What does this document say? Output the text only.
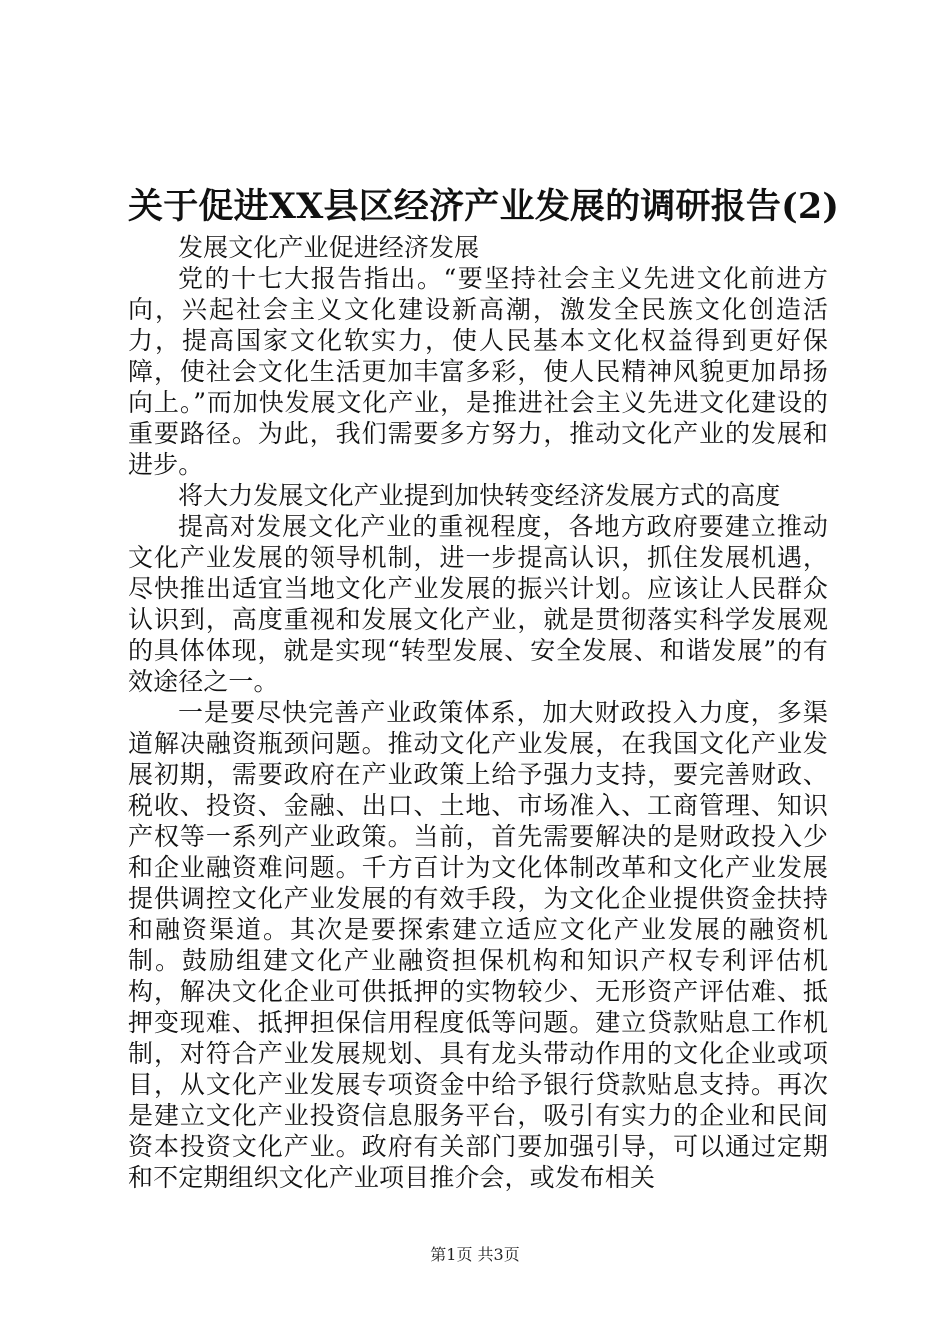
关于促进XX县区经济产业发展的调研报告(2)

发展文化产业促进经济发展

党的十七大报告指出。“要坚持社会主义先进文化前进方向，兴起社会主义文化建设新高潮，激发全民族文化创造活力，提高国家文化软实力，使人民基本文化权益得到更好保障，使社会文化生活更加丰富多彩，使人民精神风貌更加昂扬向上。”而加快发展文化产业，是推进社会主义先进文化建设的重要路径。为此，我们需要多方努力，推动文化产业的发展和进步。

将大力发展文化产业提到加快转变经济发展方式的高度

提高对发展文化产业的重视程度，各地方政府要建立推动文化产业发展的领导机制，进一步提高认识，抓住发展机遇，尽快推出适宜当地文化产业发展的振兴计划。应该让人民群众认识到，高度重视和发展文化产业，就是贯彻落实科学发展观的具体体现，就是实现“转型发展、安全发展、和谐发展”的有效途径之一。

一是要尽快完善产业政策体系，加大财政投入力度，多渠道解决融资瓶颈问题。推动文化产业发展，在我国文化产业发展初期，需要政府在产业政策上给予强力支持，要完善财政、税收、投资、金融、出口、土地、市场准入、工商管理、知识产权等一系列产业政策。当前，首先需要解决的是财政投入少和企业融资难问题。千方百计为文化体制改革和文化产业发展提供调控文化产业发展的有效手段，为文化企业提供资金扶持和融资渠道。其次是要探索建立适应文化产业发展的融资机制。鼓励组建文化产业融资担保机构和知识产权专利评估机构，解决文化企业可供抵押的实物较少、无形资产评估难、抵押变现难、抵押担保信用程度低等问题。建立贷款贴息工作机制，对符合产业发展规划、具有龙头带动作用的文化企业或项目，从文化产业发展专项资金中给予银行贷款贴息支持。再次是建立文化产业投资信息服务平台，吸引有实力的企业和民间资本投资文化产业。政府有关部门要加强引导，可以通过定期和不定期组织文化产业项目推介会，或发布相关

第1页 共3页
